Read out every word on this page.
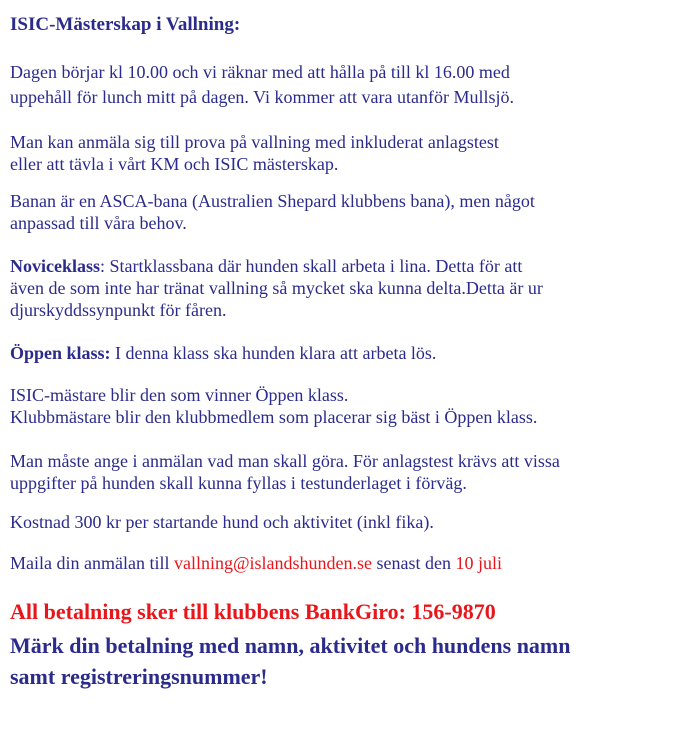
ISIC-Mästerskap i Vallning:
Dagen börjar kl 10.00 och vi räknar med att hålla på till kl 16.00 med
uppehåll för lunch mitt på dagen. Vi kommer att vara utanför Mullsjö.
Man kan anmäla sig till prova på vallning med inkluderat anlagstest
eller att tävla i vårt KM och ISIC mästerskap.
Banan är en ASCA-bana (Australien Shepard klubbens bana), men något
anpassad till våra behov.
Noviceklass: Startklassbana där hunden skall arbeta i lina. Detta för att
även de som inte har tränat vallning så mycket ska kunna delta.Detta är ur
djurskyddssynpunkt för fåren.
Öppen klass: I denna klass ska hunden klara att arbeta lös.
ISIC-mästare blir den som vinner Öppen klass.
Klubbmästare blir den klubbmedlem som placerar sig bäst i Öppen klass.
Man måste ange i anmälan vad man skall göra. För anlagstest krävs att vissa
uppgifter på hunden skall kunna fyllas i testunderlaget i förväg.
Kostnad 300 kr per startande hund och aktivitet (inkl fika).
Maila din anmälan till vallning@islandshunden.se senast den 10 juli
All betalning sker till klubbens BankGiro: 156-9870
Märk din betalning med namn, aktivitet och hundens namn
samt registreringsnummer!
